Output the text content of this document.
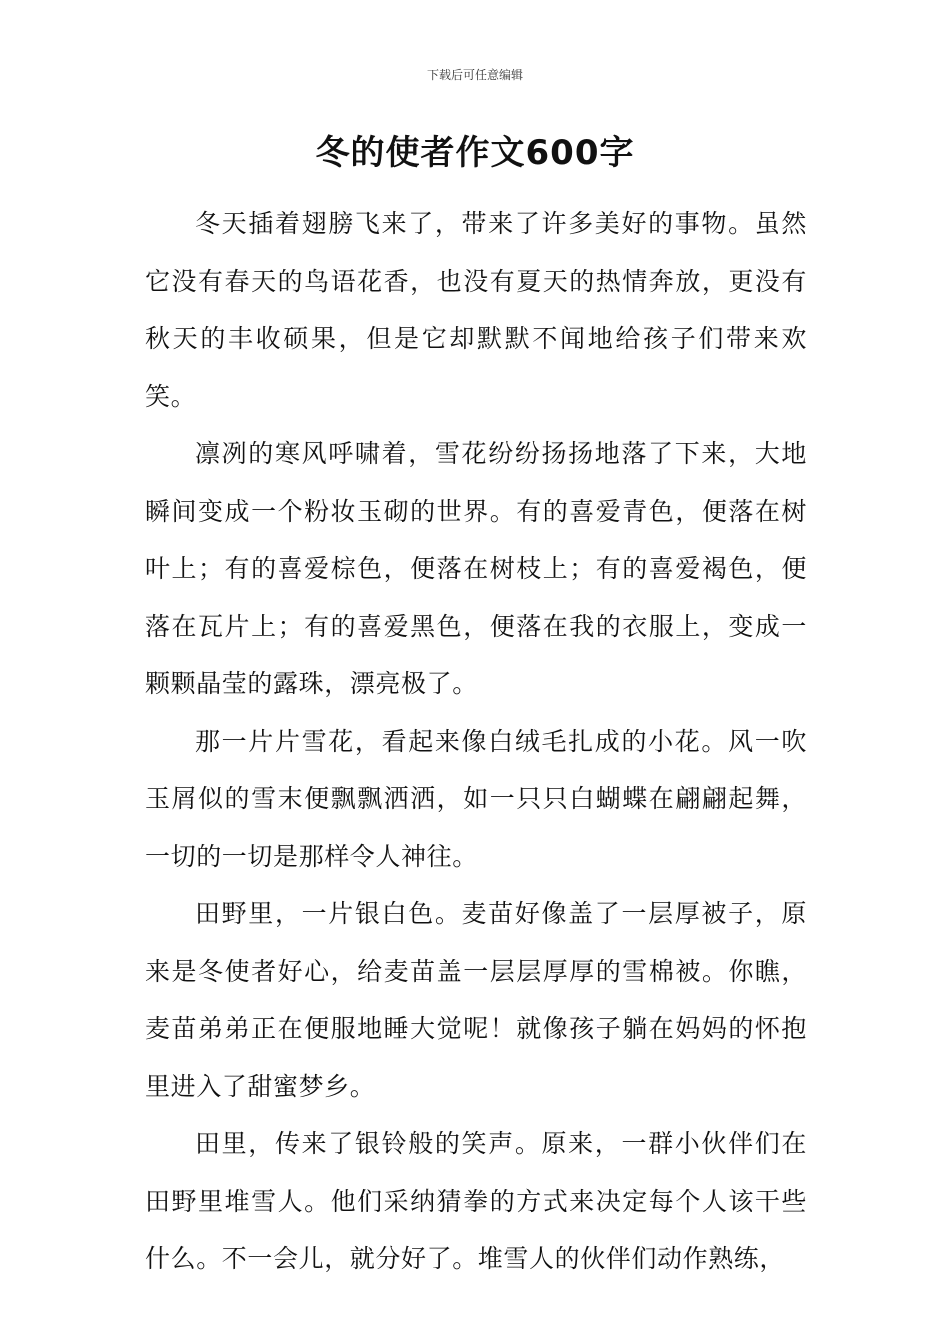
下载后可任意编辑
冬的使者作文600字

冬天插着翅膀飞来了，带来了许多美好的事物。虽然它没有春天的鸟语花香，也没有夏天的热情奔放，更没有秋天的丰收硕果，但是它却默默不闻地给孩子们带来欢笑。

凛冽的寒风呼啸着，雪花纷纷扬扬地落了下来，大地瞬间变成一个粉妆玉砌的世界。有的喜爱青色，便落在树叶上；有的喜爱棕色，便落在树枝上；有的喜爱褐色，便落在瓦片上；有的喜爱黑色，便落在我的衣服上，变成一颗颗晶莹的露珠，漂亮极了。

那一片片雪花，看起来像白绒毛扎成的小花。风一吹玉屑似的雪末便飘飘洒洒，如一只只白蝴蝶在翩翩起舞，一切的一切是那样令人神往。

田野里，一片银白色。麦苗好像盖了一层厚被子，原来是冬使者好心，给麦苗盖一层层厚厚的雪棉被。你瞧，麦苗弟弟正在便服地睡大觉呢！就像孩子躺在妈妈的怀抱里进入了甜蜜梦乡。

田里，传来了银铃般的笑声。原来，一群小伙伴们在田野里堆雪人。他们采纳猜拳的方式来决定每个人该干些什么。不一会儿，就分好了。堆雪人的伙伴们动作熟练，
